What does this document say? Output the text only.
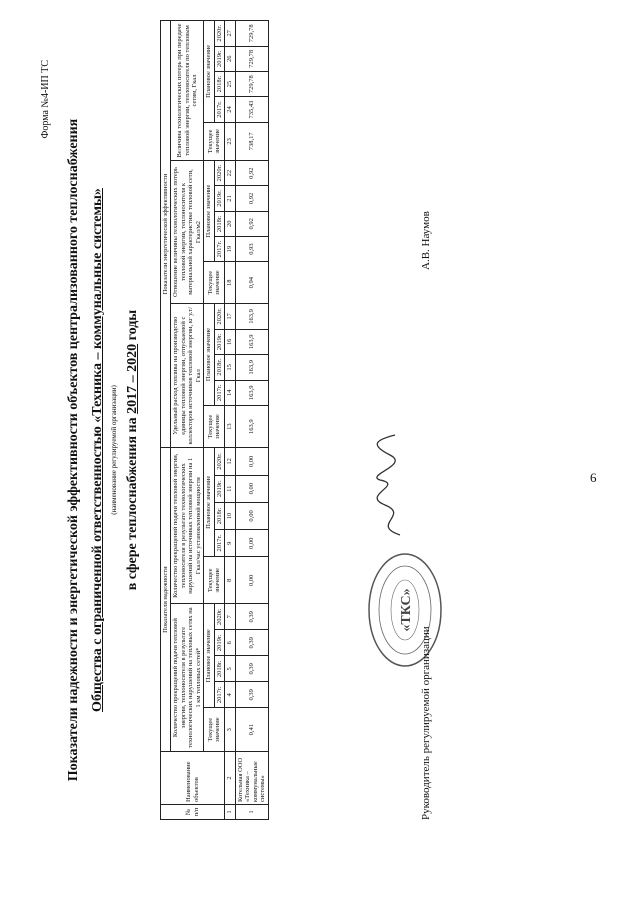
6
Форма №4-ИП ТС
Показатели надежности и энергетической эффективности объектов централизованного теплоснабжения Общества с ограниченной ответственностью «Техника – коммунальные системы» (наименование регулируемой организации) в сфере теплоснабжения на 2017 – 2020 годы
№ п/п	Наименование объектов	Показатели надежности										Показатели энергетической эффективности														
		Количество прекращений подачи тепловой энергии, теплоносителя в результате технологических нарушений на тепловых сетях на 1 км тепловых сетей*					Количество прекращений подачи тепловой энергии, теплоносителя в результате технологических нарушений на источниках тепловой энергии на 1 Гкал/час установленной мощности					Удельный расход топлива на производство единицы тепловой энергии, отпускаемой с коллекторов источников тепловой энергии, кг у.т/Гкал					Отношение величины технологических потерь тепловой энергии, теплоносителя к материальной характеристике тепловой сети, Гкал/м2					Величина технологических потерь при передаче тепловой энергии, теплоносителя по тепловым сетям, Гкал				
		Текущее значение	Плановое значение				Текущее значение	Плановое значение				Текущее значение	Плановое значение				Текущее значение	Плановое значение				Текущее значение	Плановое значение			
			2017г.	2018г.	2019г.	2020г.		2017г.	2018г.	2019г.	2020г.		2017г.	2018г.	2019г.	2020г.		2017г.	2018г.	2019г.	2020г.		2017г.	2018г.	2019г.	2020г.
1	2	3	4	5	6	7	8	9	10	11	12	13	14	15	16	17	18	19	20	21	22	23	24	25	26	27
1	Котельная ООО «Техника – коммунальные системы»	0,41	0,39	0,39	0,39	0,39	0,00	0,00	0,00	0,00	0,00	163,9	163,9	163,9	163,9	163,9	0,94	0,93	0,92	0,92	0,92	738,17	735,43	729,78	729,78	729,78
«ТКС»
Руководитель регулируемой организации
А.В. Наумов
